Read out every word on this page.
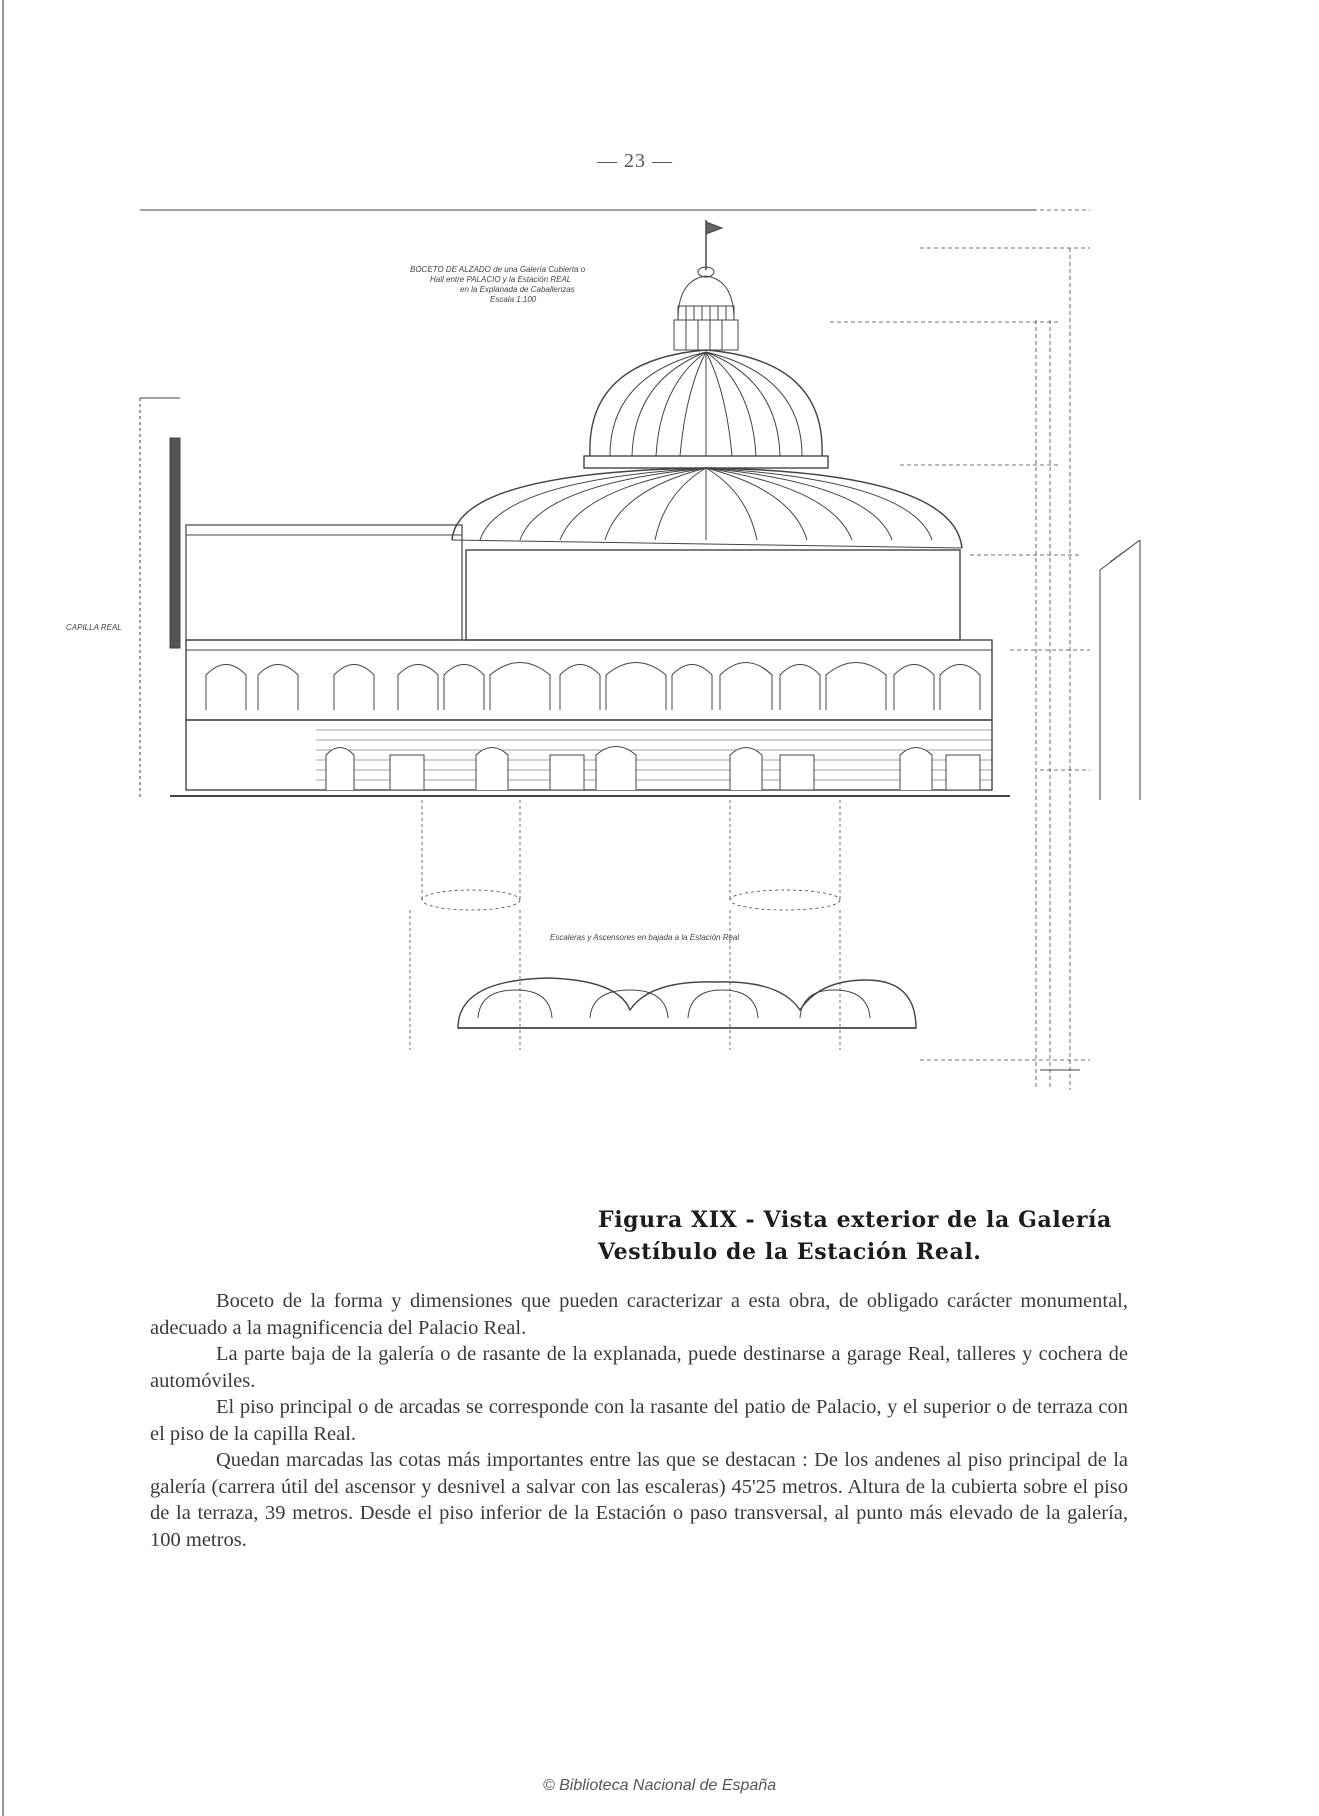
— 23 —
BOCETO DE ALZADO de una Galería Cubierta o
Hall entre PALACIO y la Estación REAL
en la Explanada de Caballerizas
Escala 1:100
CAPILLA REAL
Escaleras y Ascensores en bajada a la Estación Real
Figura XIX - Vista exterior de la Galería
Vestíbulo de la Estación Real.

Boceto de la forma y dimensiones que pueden caracterizar a esta obra, de obligado carácter monumental, adecuado a la magnificencia del Palacio Real.

La parte baja de la galería o de rasante de la explanada, puede destinarse a garage Real, talleres y cochera de automóviles.

El piso principal o de arcadas se corresponde con la rasante del patio de Palacio, y el superior o de terraza con el piso de la capilla Real.

Quedan marcadas las cotas más importantes entre las que se destacan : De los andenes al piso principal de la galería (carrera útil del ascensor y desnivel a salvar con las escaleras) 45'25 metros. Altura de la cubierta sobre el piso de la terraza, 39 metros. Desde el piso inferior de la Estación o paso transversal, al punto más elevado de la galería, 100 metros.

© Biblioteca Nacional de España
